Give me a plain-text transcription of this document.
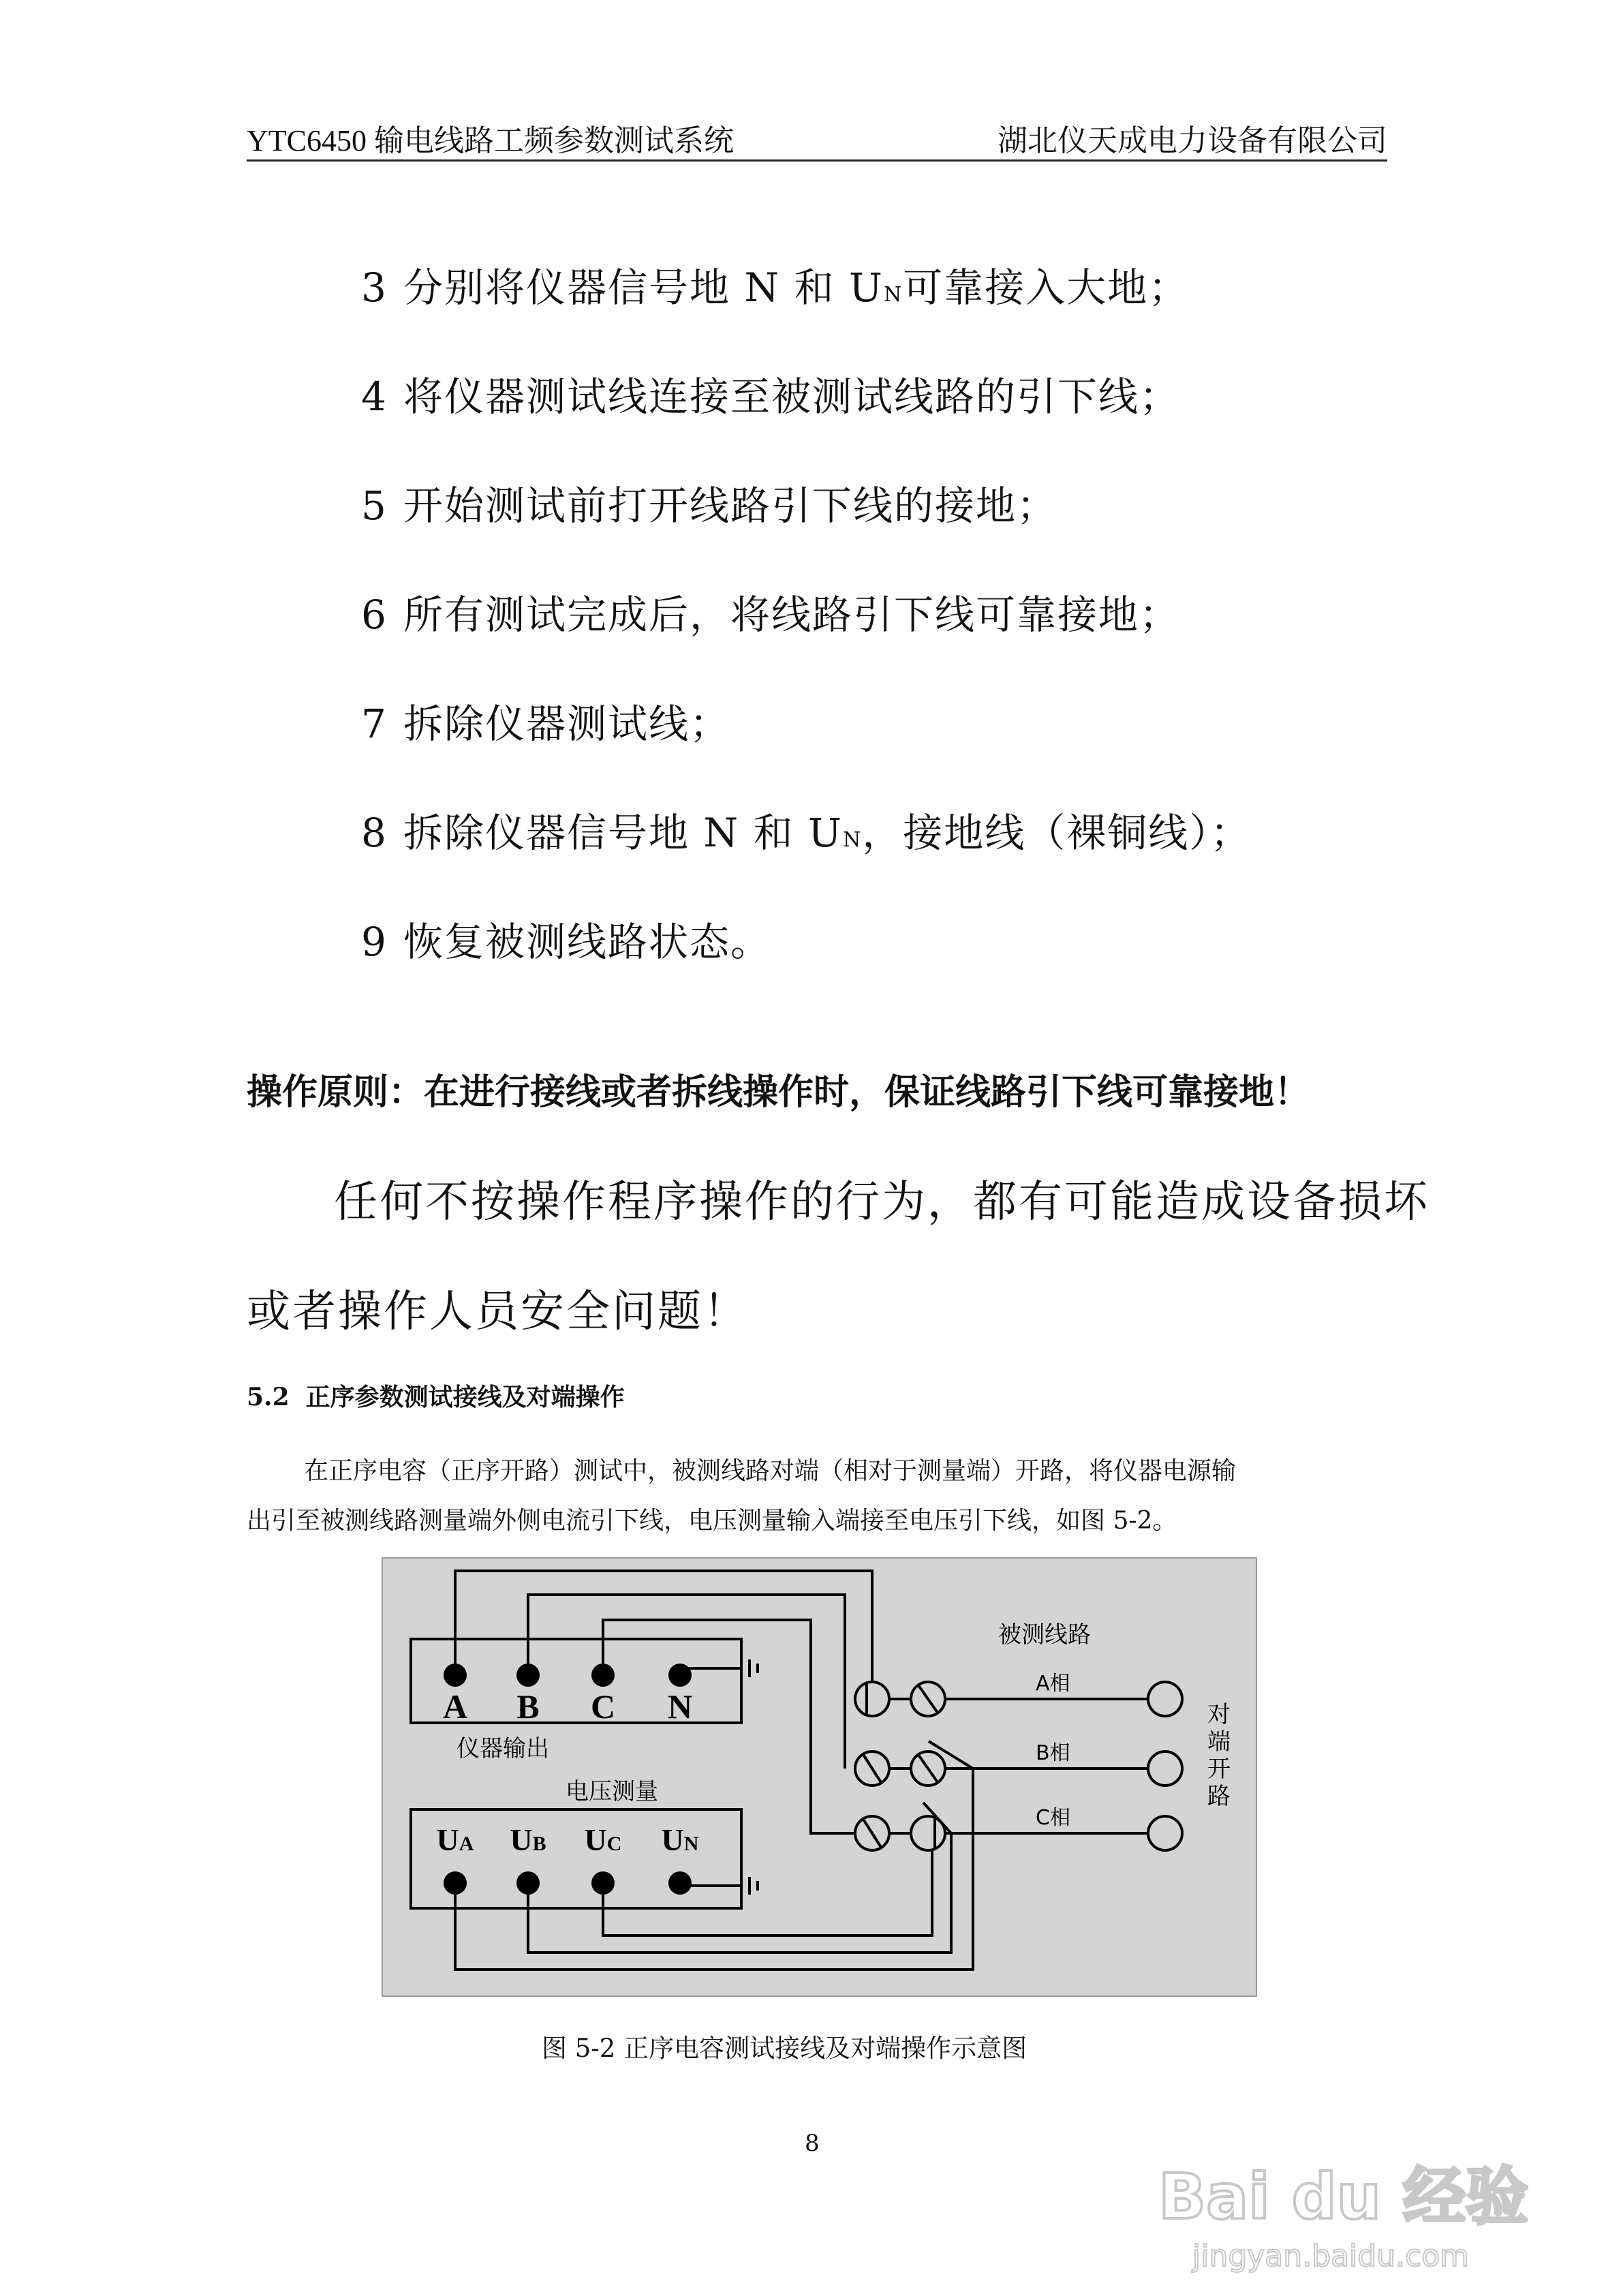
YTC6450 输电线路工频参数测试系统	湖北仪天成电力设备有限公司
3 分别将仪器信号地 N 和 UN可靠接入大地；
4 将仪器测试线连接至被测试线路的引下线；
5 开始测试前打开线路引下线的接地；
6 所有测试完成后，将线路引下线可靠接地；
7 拆除仪器测试线；
8 拆除仪器信号地 N 和 UN，接地线（裸铜线）；
9 恢复被测线路状态。
操作原则：在进行接线或者拆线操作时，保证线路引下线可靠接地！
任何不按操作程序操作的行为，都有可能造成设备损坏
或者操作人员安全问题！
5.2 正序参数测试接线及对端操作
在正序电容（正序开路）测试中，被测线路对端（相对于测量端）开路，将仪器电源输
出引至被测线路测量端外侧电流引下线，电压测量输入端接至电压引下线，如图 5-2。
A B C N
仪器输出
电压测量
UA UB UC UN
被测线路
A相
B相
C相
对
端
开
路
图 5-2 正序电容测试接线及对端操作示意图
8
Bai du 经验
jingyan.baidu.com
